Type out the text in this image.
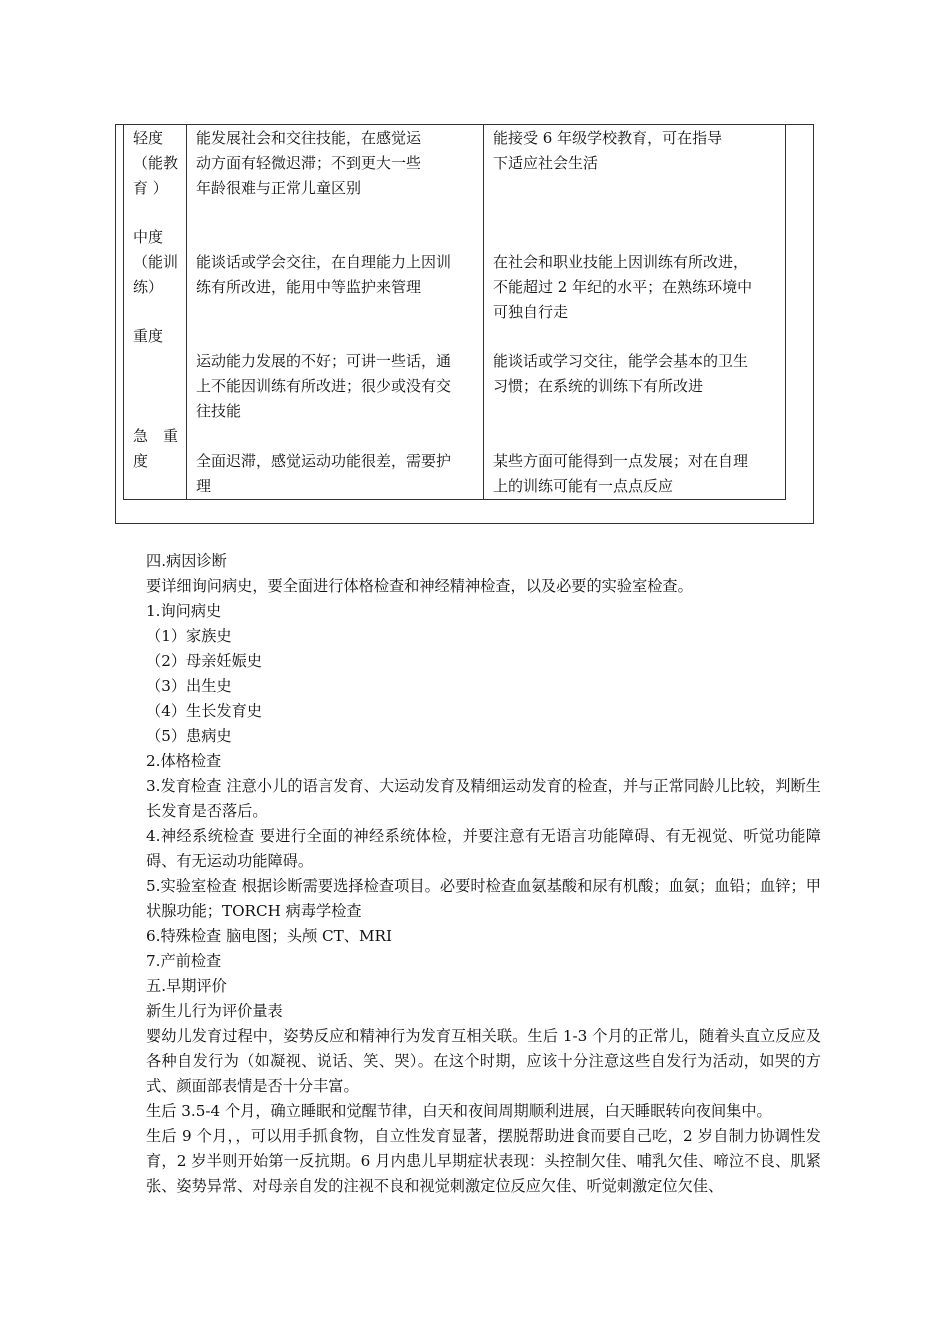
轻度
（能教
育 ）
能发展社会和交往技能，在感觉运
动方面有轻微迟滞；不到更大一些
年龄很难与正常儿童区别
能接受 6 年级学校教育，可在指导
下适应社会生活
中度
（能训
练）
能谈话或学会交往，在自理能力上因训
练有所改进，能用中等监护来管理
在社会和职业技能上因训练有所改进，
不能超过 2 年纪的水平；在熟练环境中
可独自行走
重度
运动能力发展的不好；可讲一些话，通
上不能因训练有所改进；很少或没有交
往技能
能谈话或学习交往，能学会基本的卫生
习惯；在系统的训练下有所改进
急　重
度	全面迟滞，感觉运动功能很差，需要护
理
某些方面可能得到一点发展；对在自理
上的训练可能有一点点反应

四.病因诊断

要详细询问病史，要全面进行体格检查和神经精神检查，以及必要的实验室检查。

1.询问病史

（1）家族史

（2）母亲妊娠史

（3）出生史

（4）生长发育史

（5）患病史

2.体格检查

3.发育检查 注意小儿的语言发育、大运动发育及精细运动发育的检查，并与正常同龄儿比较，判断生长发育是否落后。

4.神经系统检查 要进行全面的神经系统体检，并要注意有无语言功能障碍、有无视觉、听觉功能障碍、有无运动功能障碍。

5.实验室检查 根据诊断需要选择检查项目。必要时检查血氨基酸和尿有机酸；血氨；血铅；血锌；甲状腺功能；TORCH 病毒学检查

6.特殊检查 脑电图；头颅 CT、MRI

7.产前检查

五.早期评价

新生儿行为评价量表

婴幼儿发育过程中，姿势反应和精神行为发育互相关联。生后 1-3 个月的正常儿，随着头直立反应及各种自发行为（如凝视、说话、笑、哭）。在这个时期，应该十分注意这些自发行为活动，如哭的方式、颜面部表情是否十分丰富。

生后 3.5-4 个月，确立睡眠和觉醒节律，白天和夜间周期顺利进展，白天睡眠转向夜间集中。

生后 9 个月，，可以用手抓食物，自立性发育显著，摆脱帮助进食而要自己吃，2 岁自制力协调性发育，2 岁半则开始第一反抗期。6 月内患儿早期症状表现：头控制欠佳、哺乳欠佳、啼泣不良、肌紧张、姿势异常、对母亲自发的注视不良和视觉刺激定位反应欠佳、听觉刺激定位欠佳、
